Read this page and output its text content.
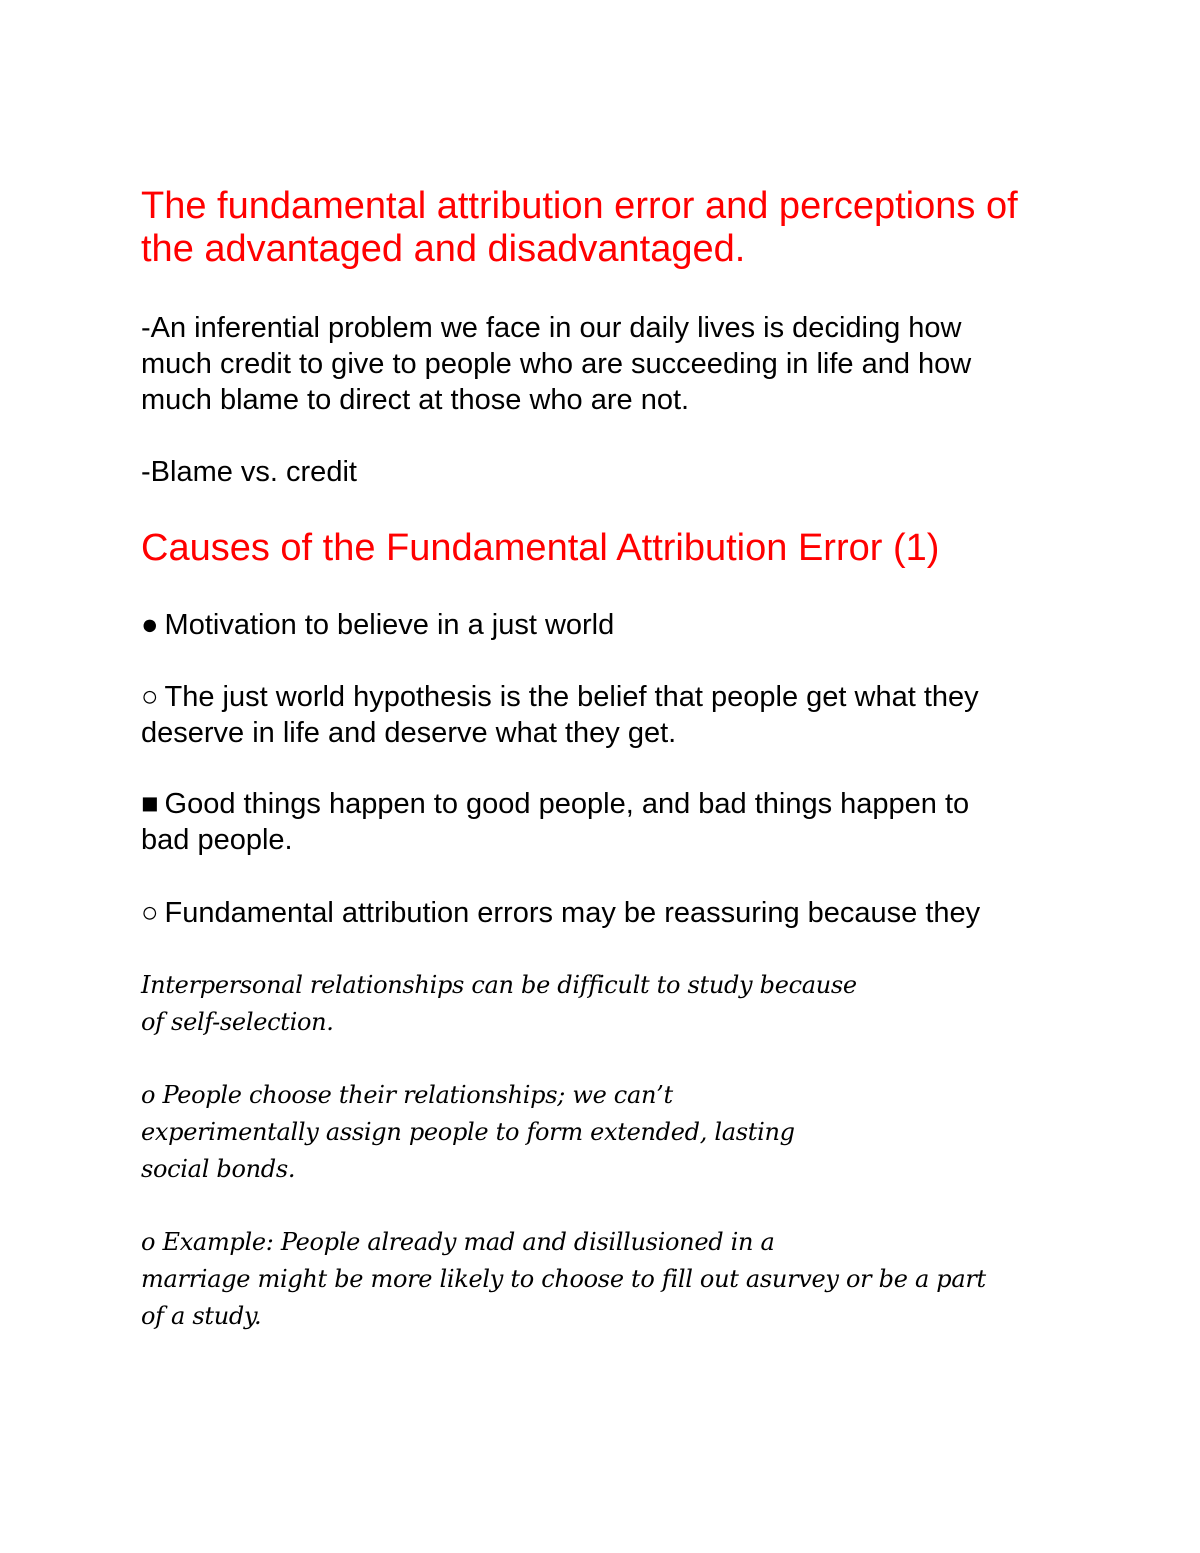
The fundamental attribution error and perceptions of
the advantaged and disadvantaged.

-An inferential problem we face in our daily lives is deciding how
much credit to give to people who are succeeding in life and how
much blame to direct at those who are not.

-Blame vs. credit

Causes of the Fundamental Attribution Error (1)

● Motivation to believe in a just world

○ The just world hypothesis is the belief that people get what they
deserve in life and deserve what they get.

■ Good things happen to good people, and bad things happen to
bad people.

○ Fundamental attribution errors may be reassuring because they

Interpersonal relationships can be difficult to study because
of self-selection.

o People choose their relationships; we can’t
experimentally assign people to form extended, lasting
social bonds.

o Example: People already mad and disillusioned in a
marriage might be more likely to choose to fill out asurvey or be a part
of a study.
